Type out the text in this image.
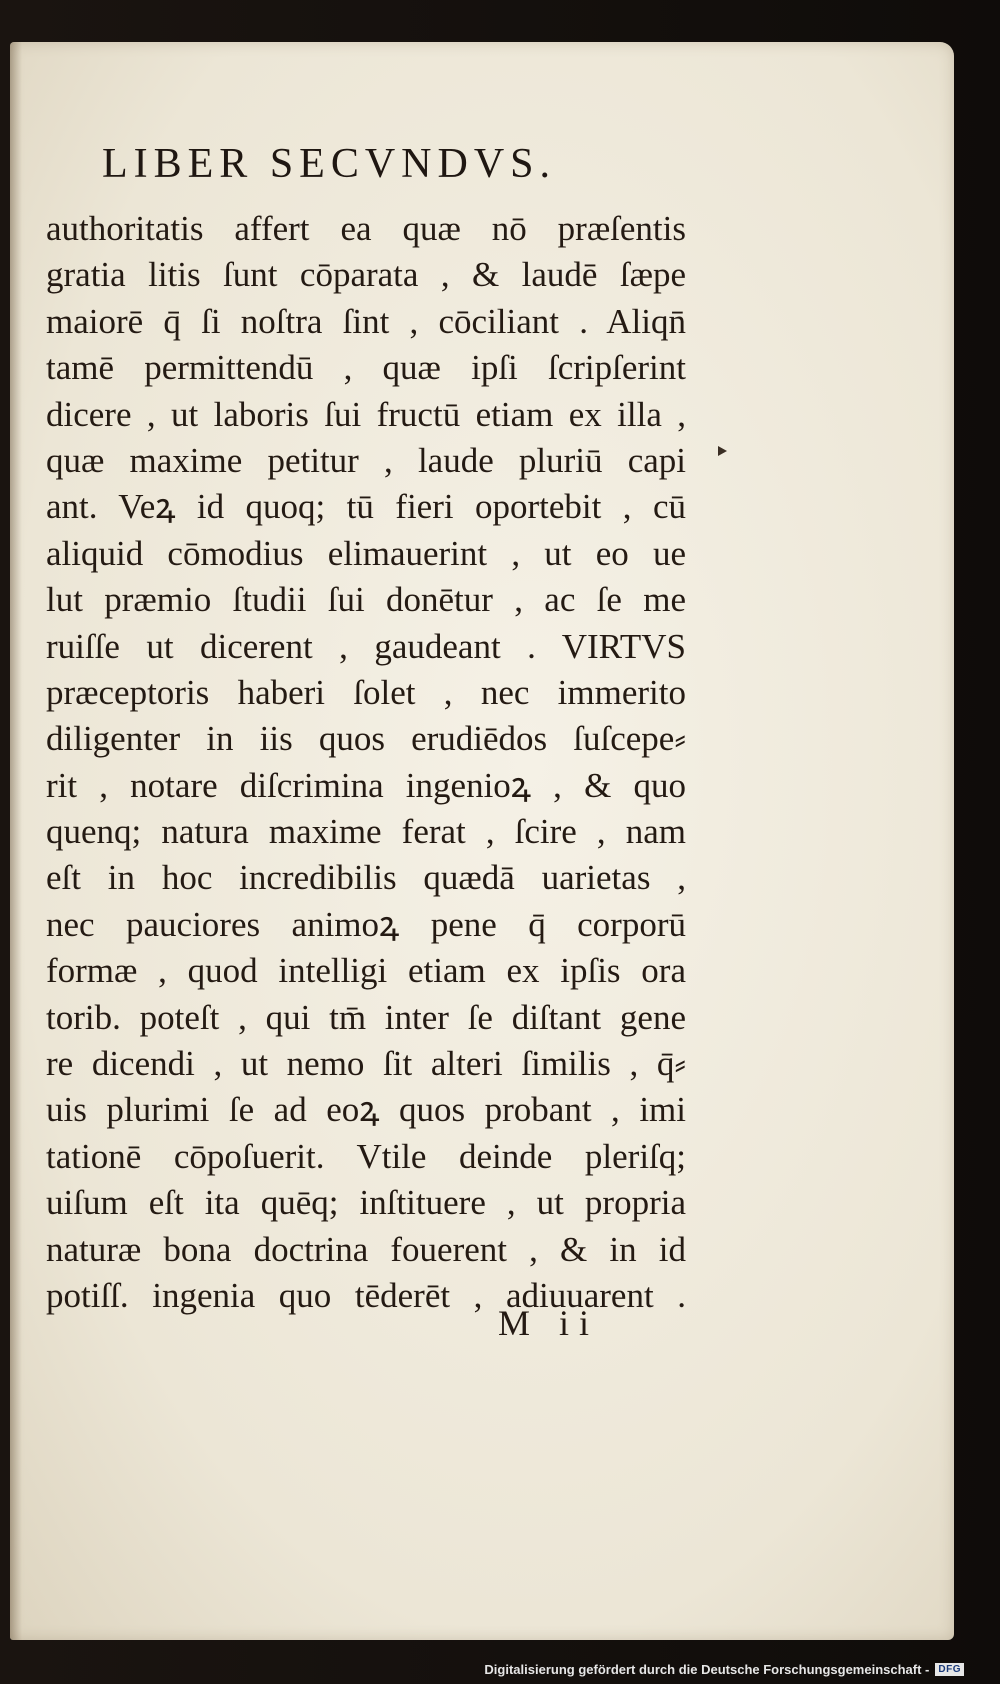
LIBER SECVNDVS.
authoritatis affert ea quæ nō præſentis
gratia litis ſunt cōparata , & laudē ſæpe
maiorē q̄ ſi noſtra ſint , cōciliant . Aliqn̄
tamē permittendū , quæ ipſi ſcripſerint
dicere , ut laboris ſui fructū etiam ex illa ,
quæ maxime petitur , laude pluriū capi
ant. Veꝝ id quoq; tū fieri oportebit , cū
aliquid cōmodius elimauerint , ut eo ue
lut præmio ſtudii ſui donētur , ac ſe me
ruiſſe ut dicerent , gaudeant . VIRTVS
præceptoris haberi ſolet , nec immerito
diligenter in iis quos erudiēdos ſuſcepe⸗
rit , notare diſcrimina ingenioꝝ , & quo
quenq; natura maxime ferat , ſcire , nam
eſt in hoc incredibilis quædā uarietas ,
nec pauciores animoꝝ pene q̄ corporū
formæ , quod intelligi etiam ex ipſis ora
torib. poteſt , qui tm̄ inter ſe diſtant gene
re dicendi , ut nemo ſit alteri ſimilis , q̄⸗
uis plurimi ſe ad eoꝝ quos probant , imi
tationē cōpoſuerit. Vtile deinde pleriſq;
uiſum eſt ita quēq; inſtituere , ut propria
naturæ bona doctrina fouerent , & in id
potiſſ. ingenia quo tēderēt , adiuuarent .
M ii
Digitalisierung gefördert durch die Deutsche Forschungsgemeinschaft - DFG
